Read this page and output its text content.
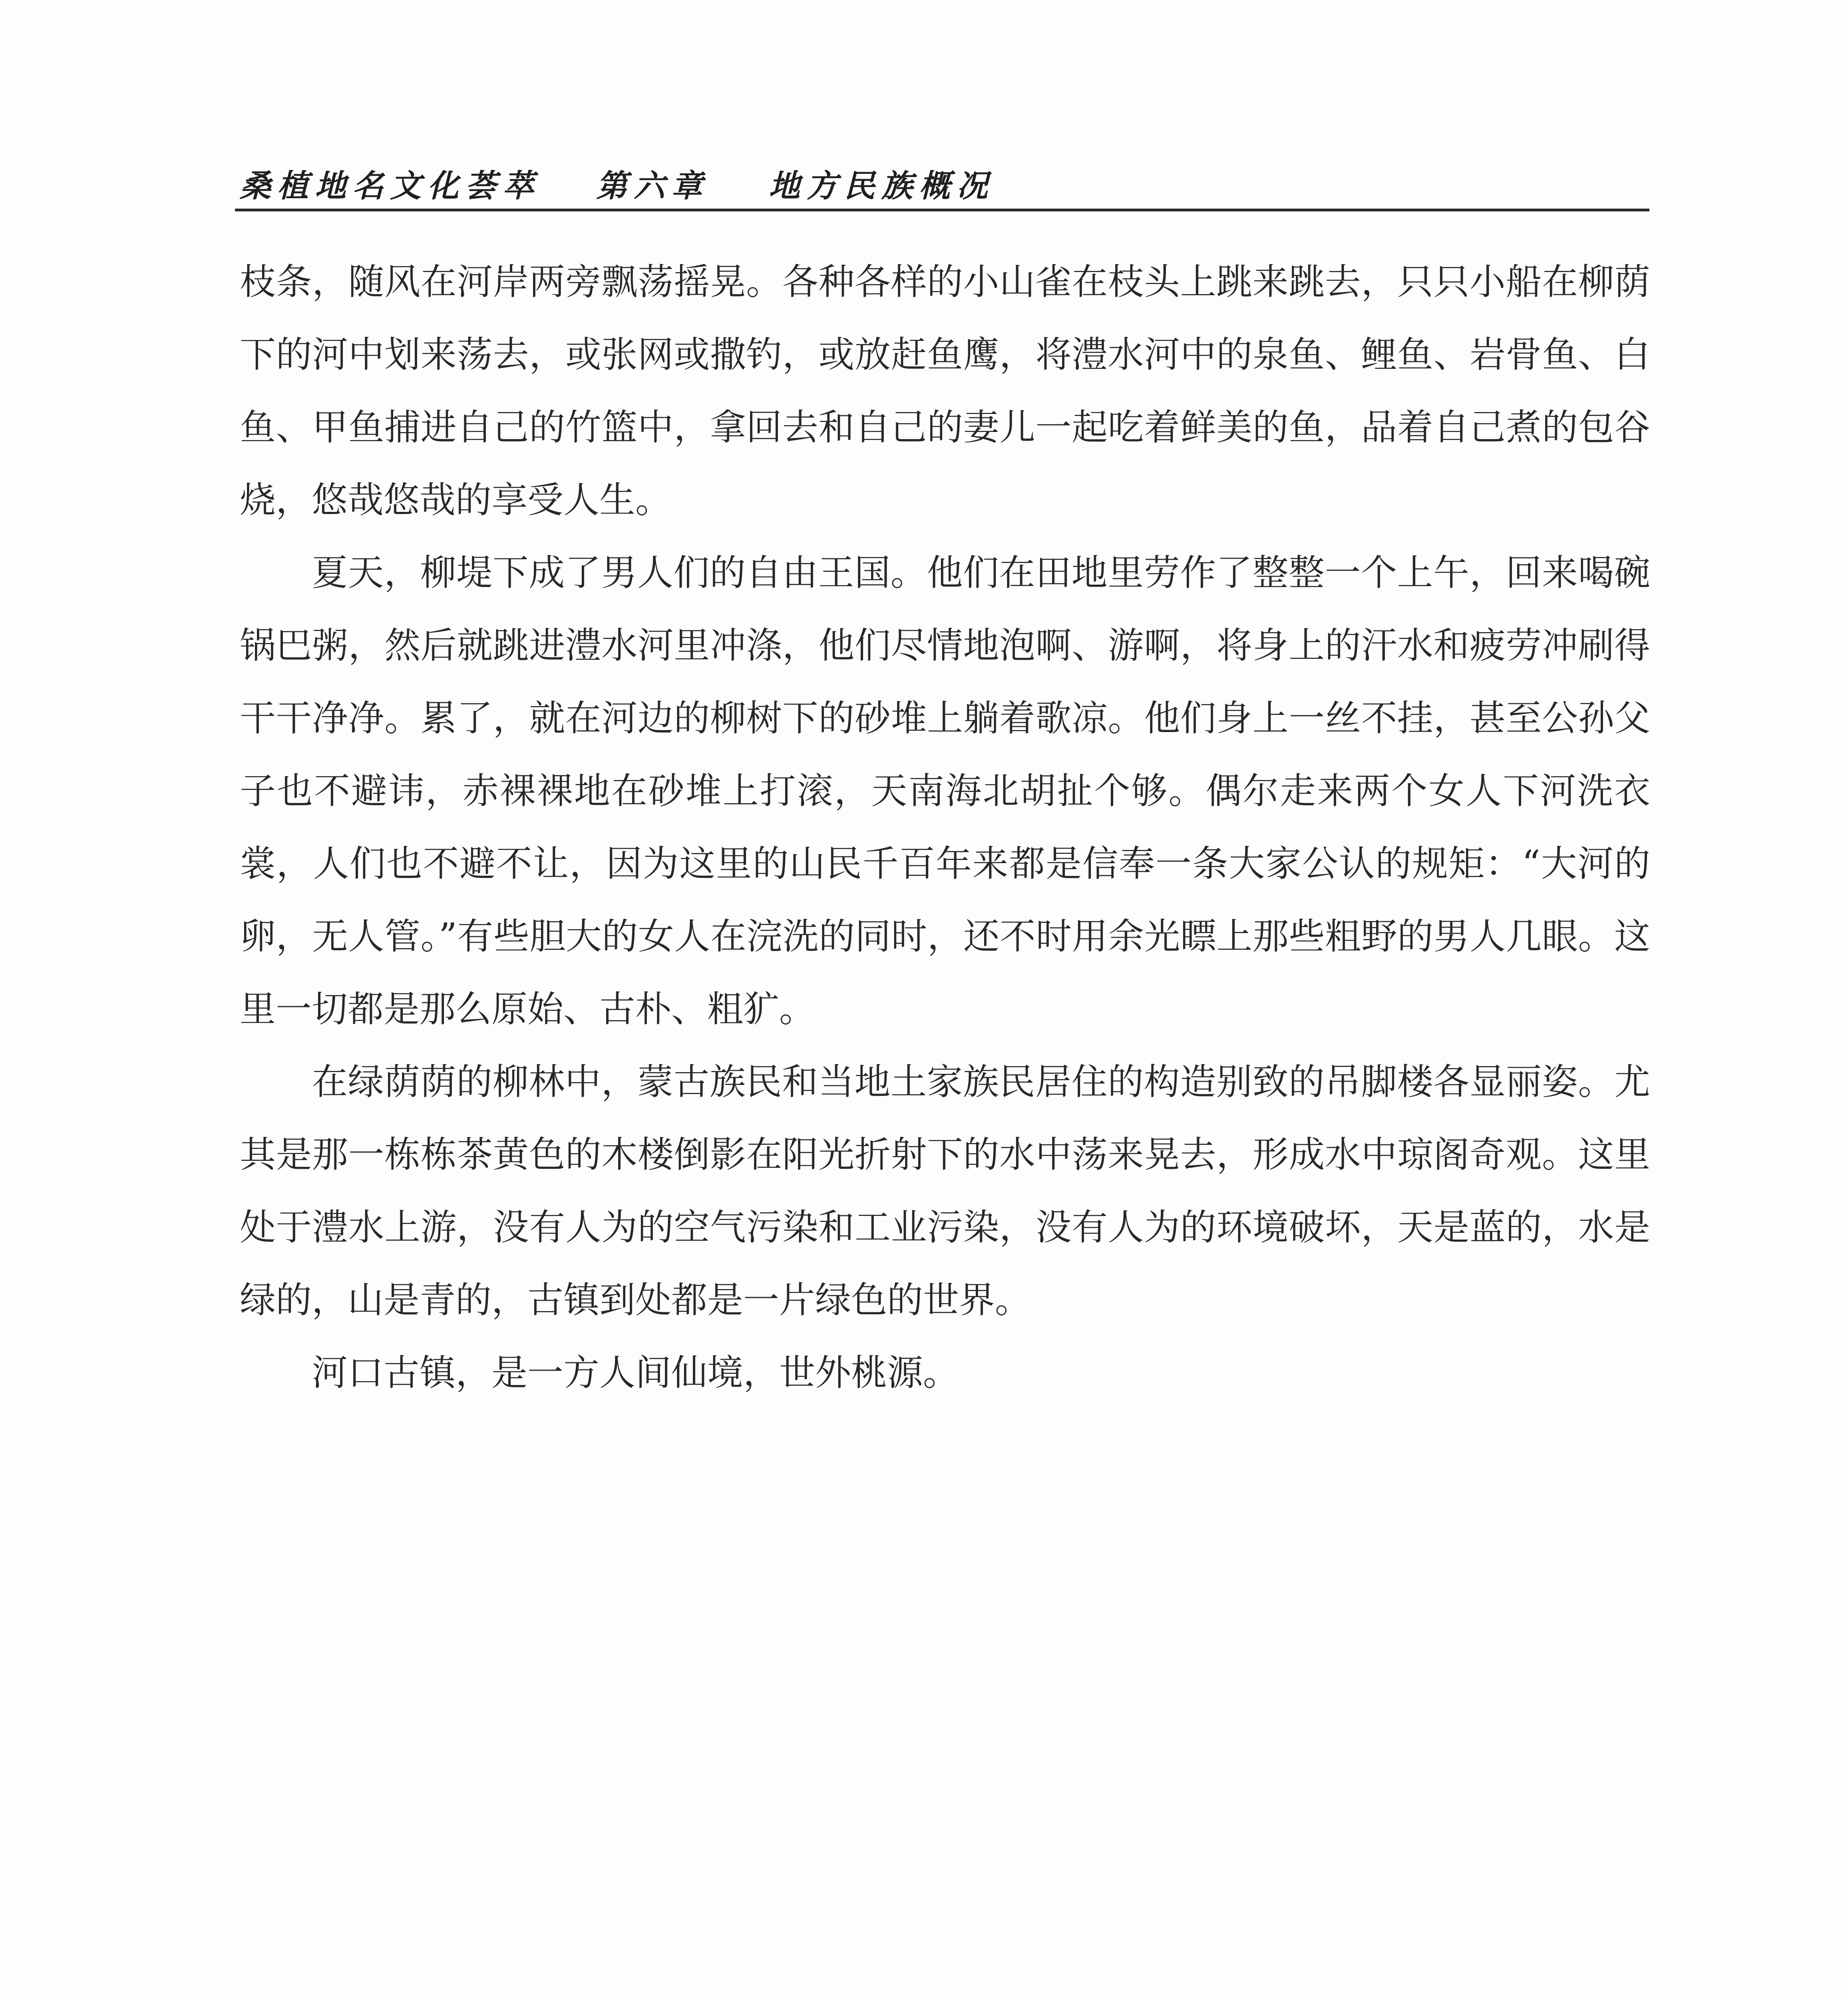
桑植地名文化荟萃 第六章 地方民族概况

枝条，随风在河岸两旁飘荡摇晃。各种各样的小山雀在枝头上跳来跳去，只只小船在柳荫下的河中划来荡去，或张网或撒钓，或放赶鱼鹰，将澧水河中的泉鱼、鲤鱼、岩骨鱼、白鱼、甲鱼捕进自己的竹篮中，拿回去和自己的妻儿一起吃着鲜美的鱼，品着自己煮的包谷烧，悠哉悠哉的享受人生。

夏天，柳堤下成了男人们的自由王国。他们在田地里劳作了整整一个上午，回来喝碗锅巴粥，然后就跳进澧水河里冲涤，他们尽情地泡啊、游啊，将身上的汗水和疲劳冲刷得干干净净。累了，就在河边的柳树下的砂堆上躺着歌凉。他们身上一丝不挂，甚至公孙父子也不避讳，赤裸裸地在砂堆上打滚，天南海北胡扯个够。偶尔走来两个女人下河洗衣裳，人们也不避不让，因为这里的山民千百年来都是信奉一条大家公认的规矩：“大河的卵，无人管。”有些胆大的女人在浣洗的同时，还不时用余光瞟上那些粗野的男人几眼。这里一切都是那么原始、古朴、粗犷。

在绿荫荫的柳林中，蒙古族民和当地土家族民居住的构造别致的吊脚楼各显丽姿。尤其是那一栋栋茶黄色的木楼倒影在阳光折射下的水中荡来晃去，形成水中琼阁奇观。这里处于澧水上游，没有人为的空气污染和工业污染，没有人为的环境破坏，天是蓝的，水是绿的，山是青的，古镇到处都是一片绿色的世界。

河口古镇，是一方人间仙境，世外桃源。
